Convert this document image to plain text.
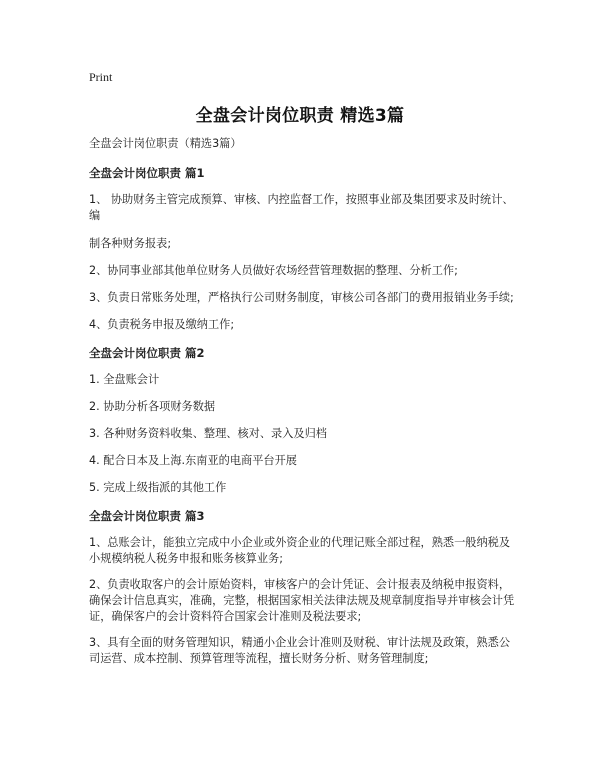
Print
全盘会计岗位职责 精选3篇

全盘会计岗位职责（精选3篇）

全盘会计岗位职责 篇1

1、 协助财务主管完成预算、审核、内控监督工作，按照事业部及集团要求及时统计、编

制各种财务报表;

2、协同事业部其他单位财务人员做好农场经营管理数据的整理、分析工作;

3、负责日常账务处理，严格执行公司财务制度，审核公司各部门的费用报销业务手续;

4、负责税务申报及缴纳工作;

全盘会计岗位职责 篇2

1. 全盘账会计

2. 协助分析各项财务数据

3. 各种财务资料收集、整理、核对、录入及归档

4. 配合日本及上海.东南亚的电商平台开展

5. 完成上级指派的其他工作

全盘会计岗位职责 篇3

1、总账会计，能独立完成中小企业或外资企业的代理记账全部过程，熟悉一般纳税及小规模纳税人税务申报和账务核算业务;

2、负责收取客户的会计原始资料，审核客户的会计凭证、会计报表及纳税申报资料，确保会计信息真实，准确，完整，根据国家相关法律法规及规章制度指导并审核会计凭证，确保客户的会计资料符合国家会计准则及税法要求;

3、具有全面的财务管理知识，精通小企业会计准则及财税、审计法规及政策，熟悉公司运营、成本控制、预算管理等流程，擅长财务分析、财务管理制度;
